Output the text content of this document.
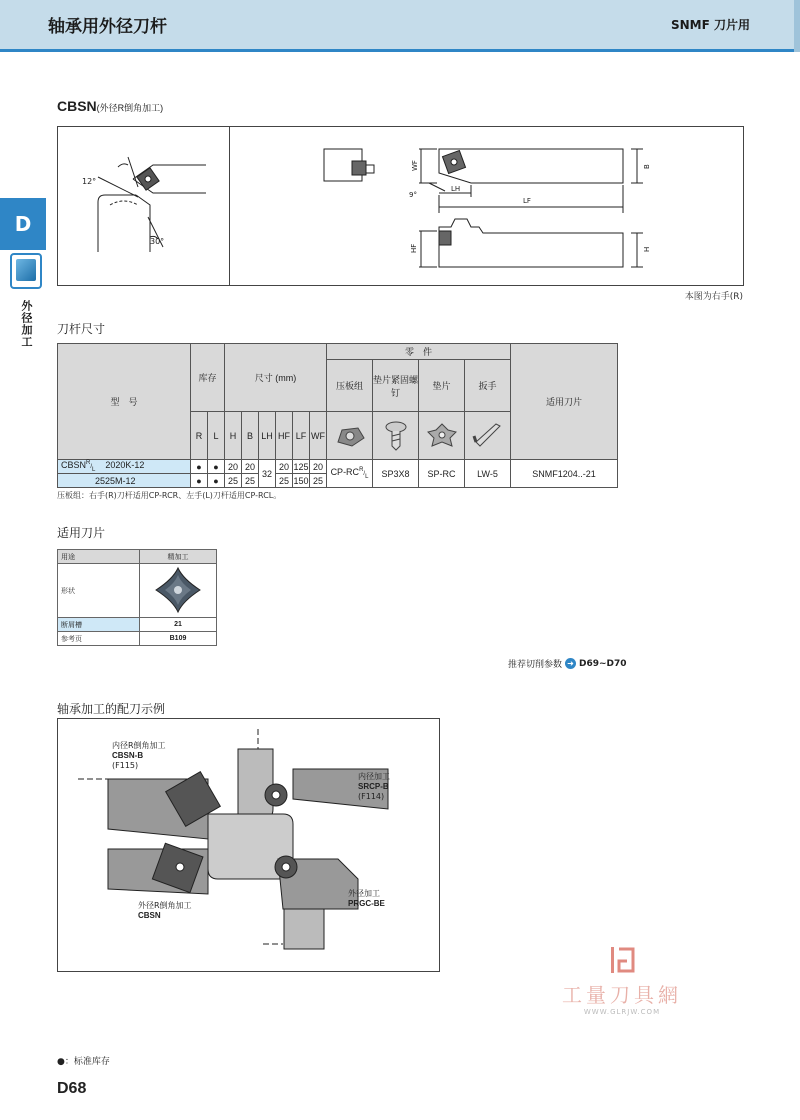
轴承用外径刀杆	SNMF 刀片用
D
外径加工
CBSN(外径R倒角加工)
12°
30°
WF	B
LH
LF
9°
HF	H
本图为右手(R)
刀杆尺寸
型　号	库存		尺寸 (mm)						零　件				适用刀片
									压板组	垫片紧固螺钉	垫片	扳手	
	R	L	H	B	LH	HF	LF	WF				
$CBSN^R/_L$ 2020K-12	●	●	20	20	32	20	125	20	$CP-RC^R/_L$	SP3X8	SP-RC	LW-5	SNMF1204..-21
2525M-12	●	●	25	25		25	150	25					
压板组：右手(R)刀杆适用CP-RCR、左手(L)刀杆适用CP-RCL。
适用刀片
用途	精加工
形状	
断屑槽	21
参考页	B109
推荐切削参数 ➜ D69~D70
轴承加工的配刀示例
内径R倒角加工
CBSN-B
(F115)
内径加工
SRCP-B
(F114)
外径加工
PRGC-BE
外径R倒角加工
CBSN
工量刀具網
WWW.GLRJW.COM
●：标准库存
D68
